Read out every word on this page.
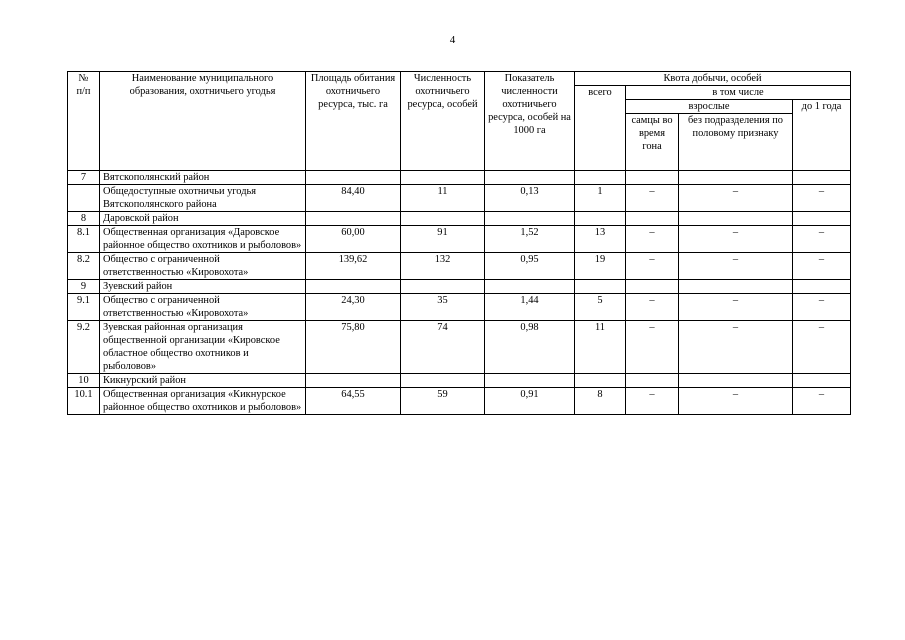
4
№
п/п	Наименование муниципального образования, охотничьего угодья	Площадь обитания охотничьего ресурса, тыс. га	Численность охотничьего ресурса, особей	Показатель численности охотничьего ресурса, особей на 1000 га	Квота добычи, особей			
					всего	в том числе		
						взрослые		до 1 года
						самцы во время гона	без подразделения по половому признаку	
7	Вятскополянский район							
	Общедоступные охотничьи угодья Вятскополянского района	84,40	11	0,13	1	–	–	–
8	Даровской район							
8.1	Общественная организация «Даровское районное общество охотников и рыболовов»	60,00	91	1,52	13	–	–	–
8.2	Общество с ограниченной ответственностью «Кировохота»	139,62	132	0,95	19	–	–	–
9	Зуевский район							
9.1	Общество с ограниченной ответственностью «Кировохота»	24,30	35	1,44	5	–	–	–
9.2	Зуевская районная организация общественной организации «Кировское областное общество охотников и рыболовов»	75,80	74	0,98	11	–	–	–
10	Кикнурский район							
10.1	Общественная организация «Кикнурское районное общество охотников и рыболовов»	64,55	59	0,91	8	–	–	–
